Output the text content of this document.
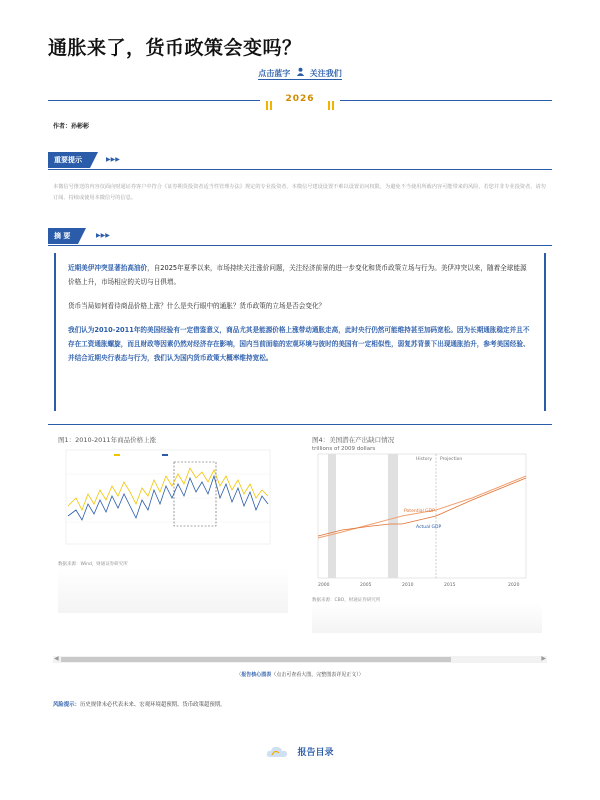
通胀来了，货币政策会变吗？
点击蓝字 关注我们
2026
作者：孙彬彬
重要提示	▶▶▶
本微信号推送的内容仅面向财通证券客户中符合《证券期货投资者适当性管理办法》规定的专业投资者。本微信号建设设置不难以设置访问权限，为避免不当使用所载内容可能带来的风险，若您并非专业投资者，请勿订阅、持续或使用本微信号的信息。
摘 要	▶▶▶

近期美伊冲突显著抬高油价，自2025年夏季以来，市场持续关注涨价问题，关注经济前景的进一步变化和货币政策立场与行为。美伊冲突以来，随着全球能源价格上升，市场相应的关切与日俱增。

货币当局如何看待商品价格上涨？什么是央行眼中的通胀？货币政策的立场是否会变化？

我们认为2010-2011年的美国经验有一定借鉴意义，商品尤其是能源价格上涨带动通胀走高，此时央行仍然可能维持甚至加码宽松。因为长期通胀稳定并且不存在工资通胀螺旋，而且财政等因素仍然对经济存在影响，国内当前面临的宏观环境与彼时的美国有一定相似性，弱复苏背景下出现通胀抬升，参考美国经验、并结合近期央行表态与行为，我们认为国内货币政策大概率维持宽松。

图1：2010-2011年商品价格上涨
数据来源：Wind，财通证券研究所
图4：美国潜在产出缺口情况
trillions of 2009 dollars
History Projection
Potential GDP
Actual GDP
2000	2005	2010	2015	2020
数据来源：CBO，财通证券研究所
◀	▶
〈报告核心图表（点击可查看大图，完整图表详见正文）〉
风险提示：历史规律未必代表未来、宏观环境超预期、货币政策超预期。
报告目录
